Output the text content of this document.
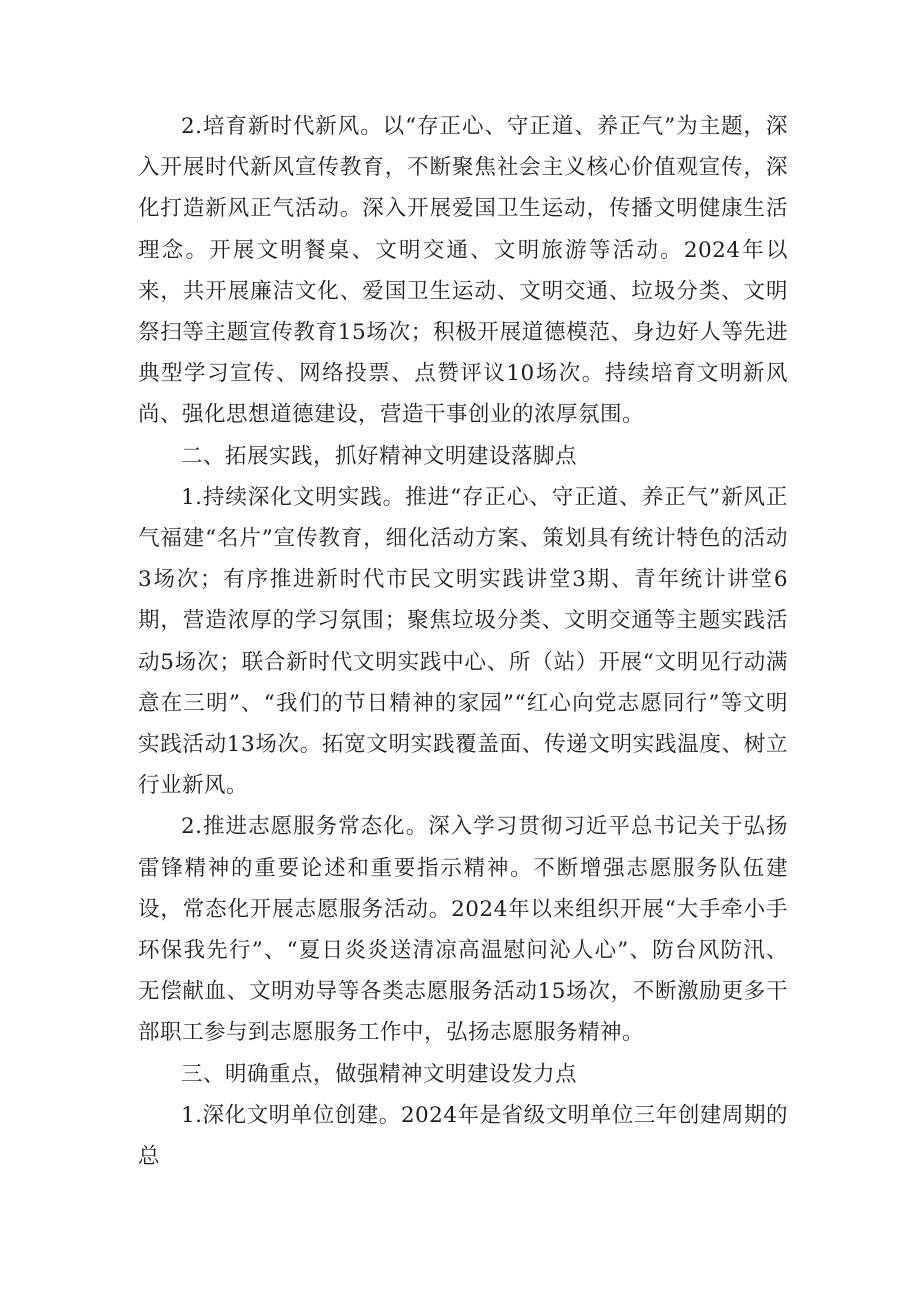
2.培育新时代新风。以“存正心、守正道、养正气”为主题，深入开展时代新风宣传教育，不断聚焦社会主义核心价值观宣传，深化打造新风正气活动。深入开展爱国卫生运动，传播文明健康生活理念。开展文明餐桌、文明交通、文明旅游等活动。2024年以来，共开展廉洁文化、爱国卫生运动、文明交通、垃圾分类、文明祭扫等主题宣传教育15场次；积极开展道德模范、身边好人等先进典型学习宣传、网络投票、点赞评议10场次。持续培育文明新风尚、强化思想道德建设，营造干事创业的浓厚氛围。

二、拓展实践，抓好精神文明建设落脚点

1.持续深化文明实践。推进“存正心、守正道、养正气”新风正气福建“名片”宣传教育，细化活动方案、策划具有统计特色的活动3场次；有序推进新时代市民文明实践讲堂3期、青年统计讲堂6期，营造浓厚的学习氛围；聚焦垃圾分类、文明交通等主题实践活动5场次；联合新时代文明实践中心、所（站）开展“文明见行动满意在三明”、“我们的节日精神的家园”“红心向党志愿同行”等文明实践活动13场次。拓宽文明实践覆盖面、传递文明实践温度、树立行业新风。

2.推进志愿服务常态化。深入学习贯彻习近平总书记关于弘扬雷锋精神的重要论述和重要指示精神。不断增强志愿服务队伍建设，常态化开展志愿服务活动。2024年以来组织开展“大手牵小手环保我先行”、“夏日炎炎送清凉高温慰问沁人心”、防台风防汛、无偿献血、文明劝导等各类志愿服务活动15场次，不断激励更多干部职工参与到志愿服务工作中，弘扬志愿服务精神。

三、明确重点，做强精神文明建设发力点

1.深化文明单位创建。2024年是省级文明单位三年创建周期的总
